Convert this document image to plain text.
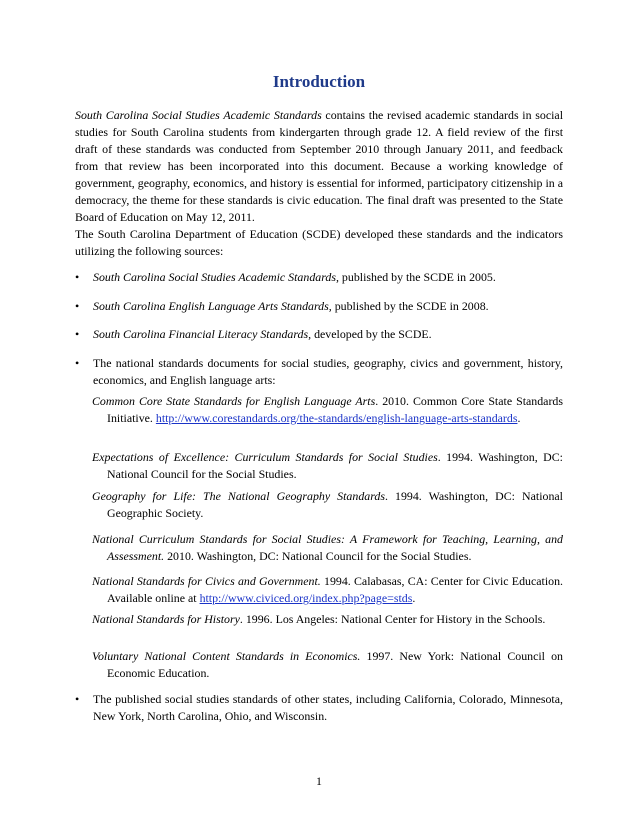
Introduction

South Carolina Social Studies Academic Standards contains the revised academic standards in social studies for South Carolina students from kindergarten through grade 12. A field review of the first draft of these standards was conducted from September 2010 through January 2011, and feedback from that review has been incorporated into this document. Because a working knowledge of government, geography, economics, and history is essential for informed, participatory citizenship in a democracy, the theme for these standards is civic education. The final draft was presented to the State Board of Education on May 12, 2011.

The South Carolina Department of Education (SCDE) developed these standards and the indicators utilizing the following sources:

• South Carolina Social Studies Academic Standards, published by the SCDE in 2005.
• South Carolina English Language Arts Standards, published by the SCDE in 2008.
• South Carolina Financial Literacy Standards, developed by the SCDE.
• The national standards documents for social studies, geography, civics and government, history, economics, and English language arts:
Common Core State Standards for English Language Arts. 2010. Common Core State Standards Initiative. http://www.corestandards.org/the-standards/english-language-arts-standards.
Expectations of Excellence: Curriculum Standards for Social Studies. 1994. Washington, DC: National Council for the Social Studies.
Geography for Life: The National Geography Standards. 1994. Washington, DC: National Geographic Society.
National Curriculum Standards for Social Studies: A Framework for Teaching, Learning, and Assessment. 2010. Washington, DC: National Council for the Social Studies.
National Standards for Civics and Government. 1994. Calabasas, CA: Center for Civic Education. Available online at http://www.civiced.org/index.php?page=stds.
National Standards for History. 1996. Los Angeles: National Center for History in the Schools.
Voluntary National Content Standards in Economics. 1997. New York: National Council on Economic Education.
• The published social studies standards of other states, including California, Colorado, Minnesota, New York, North Carolina, Ohio, and Wisconsin.
1
